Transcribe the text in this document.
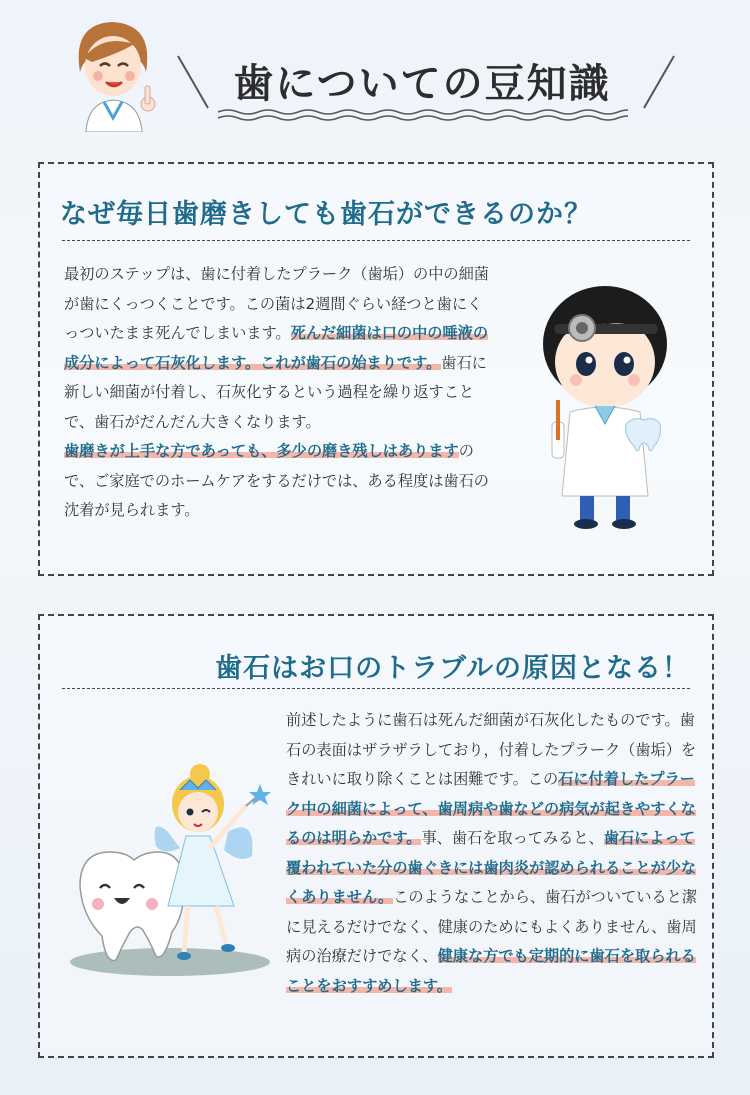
歯についての豆知識
なぜ毎日歯磨きしても歯石ができるのか？
最初のステップは、歯に付着したプラーク（歯垢）の中の細菌が歯にくっつくことです。この菌は2週間ぐらい経つと歯にくっついたまま死んでしまいます。死んだ細菌は口の中の唾液の成分によって石灰化します。これが歯石の始まりです。歯石に新しい細菌が付着し、石灰化するという過程を繰り返すことで、歯石がだんだん大きくなります。
歯磨きが上手な方であっても、多少の磨き残しはありますので、ご家庭でのホームケアをするだけでは、ある程度は歯石の沈着が見られます。
歯石はお口のトラブルの原因となる！
前述したように歯石は死んだ細菌が石灰化したものです。歯石の表面はザラザラしており，付着したプラーク（歯垢）をきれいに取り除くことは困難です。この石に付着したプラーク中の細菌によって、歯周病や歯などの病気が起きやすくなるのは明らかです。事、歯石を取ってみると、歯石によって覆われていた分の歯ぐきには歯肉炎が認められることが少なくありません。このようなことから、歯石がついていると潔に見えるだけでなく、健康のためにもよくありません、歯周病の治療だけでなく、健康な方でも定期的に歯石を取られることをおすすめします。
